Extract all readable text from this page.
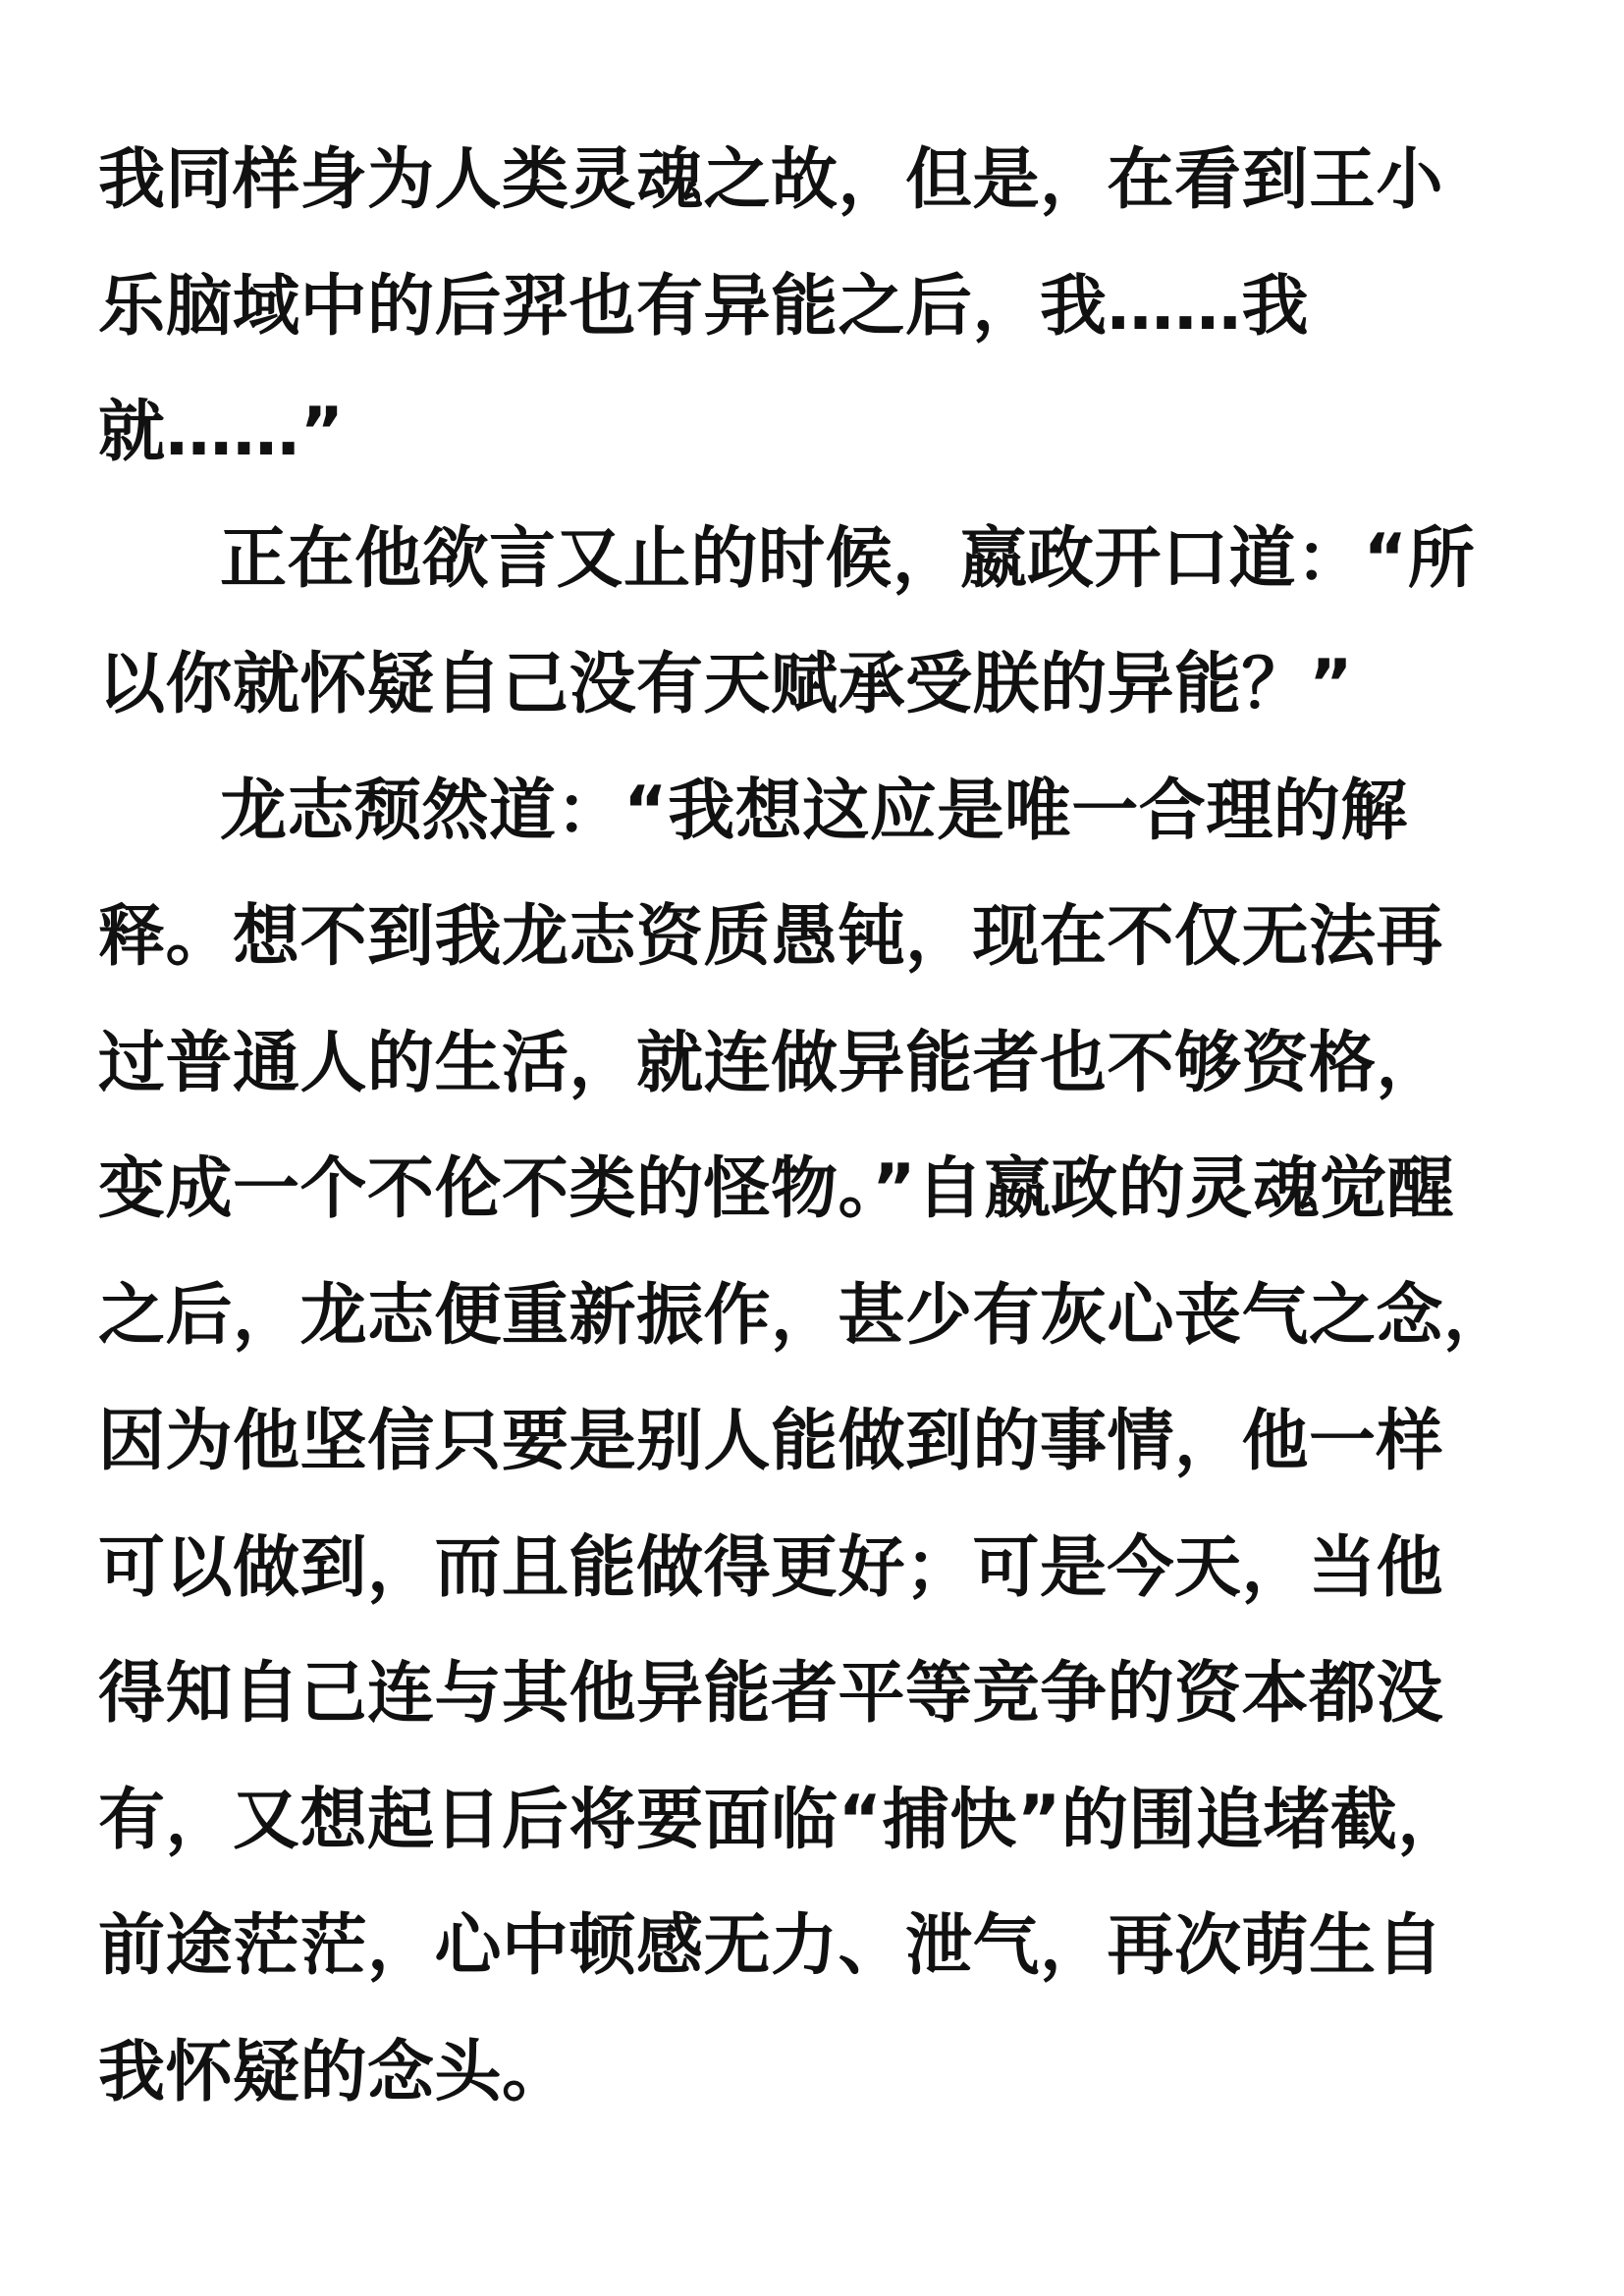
我同样身为人类灵魂之故，但是，在看到王小
乐脑域中的后羿也有异能之后，我……我
就……”
正在他欲言又止的时候，嬴政开口道：“所
以你就怀疑自己没有天赋承受朕的异能？”
龙志颓然道：“我想这应是唯一合理的解
释。想不到我龙志资质愚钝，现在不仅无法再
过普通人的生活，就连做异能者也不够资格，
变成一个不伦不类的怪物。”自嬴政的灵魂觉醒
之后，龙志便重新振作，甚少有灰心丧气之念，
因为他坚信只要是别人能做到的事情，他一样
可以做到，而且能做得更好；可是今天，当他
得知自己连与其他异能者平等竞争的资本都没
有，又想起日后将要面临“捕快”的围追堵截，
前途茫茫，心中顿感无力、泄气，再次萌生自
我怀疑的念头。
